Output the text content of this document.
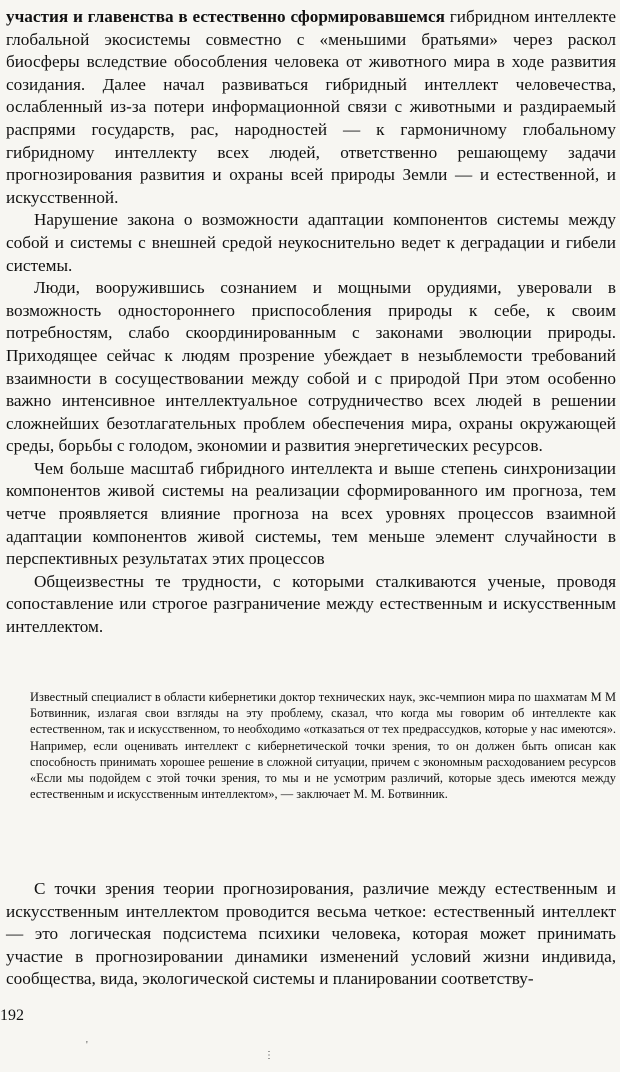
участия и главенства в естественно сформировавшемся гибридном интеллекте глобальной экосистемы совместно с «меньшими братьями» через раскол биосферы вследствие обособления человека от животного мира в ходе развития созидания. Далее начал развиваться гибридный интеллект человечества, ослабленный из-за потери информационной связи с животными и раздираемый распрями государств, рас, народностей — к гармоничному глобальному гибридному интеллекту всех людей, ответственно решающему задачи прогнозирования развития и охраны всей природы Земли — и естественной, и искусственной.

Нарушение закона о возможности адаптации компонентов системы между собой и системы с внешней средой неукоснительно ведет к деградации и гибели системы.

Люди, вооружившись сознанием и мощными орудиями, уверовали в возможность одностороннего приспособления природы к себе, к своим потребностям, слабо скоординированным с законами эволюции природы. Приходящее сейчас к людям прозрение убеждает в незыблемости требований взаимности в сосуществовании между собой и с природой При этом особенно важно интенсивное интеллектуальное сотрудничество всех людей в решении сложнейших безотлагательных проблем обеспечения мира, охраны окружающей среды, борьбы с голодом, экономии и развития энергетических ресурсов.

Чем больше масштаб гибридного интеллекта и выше степень синхронизации компонентов живой системы на реализации сформированного им прогноза, тем четче проявляется влияние прогноза на всех уровнях процессов взаимной адаптации компонентов живой системы, тем меньше элемент случайности в перспективных результатах этих процессов

Общеизвестны те трудности, с которыми сталкиваются ученые, проводя сопоставление или строгое разграничение между естественным и искусственным интеллектом.

Известный специалист в области кибернетики доктор технических наук, экс-чемпион мира по шахматам М М Ботвинник, излагая свои взгляды на эту проблему, сказал, что когда мы говорим об интеллекте как естественном, так и искусственном, то необходимо «отказаться от тех предрассудков, которые у нас имеются». Например, если оценивать интеллект с кибернетической точки зрения, то он должен быть описан как способность принимать хорошее решение в сложной ситуации, причем с экономным расходованием ресурсов «Если мы подойдем с этой точки зрения, то мы и не усмотрим различий, которые здесь имеются между естественным и искусственным интеллектом», — заключает М. М. Ботвинник.

С точки зрения теории прогнозирования, различие между естественным и искусственным интеллектом проводится весьма четкое: естественный интеллект — это логическая подсистема психики человека, которая может принимать участие в прогнозировании динамики изменений условий жизни индивида, сообщества, вида, экологической системы и планировании соответству-

192
'
⋮
